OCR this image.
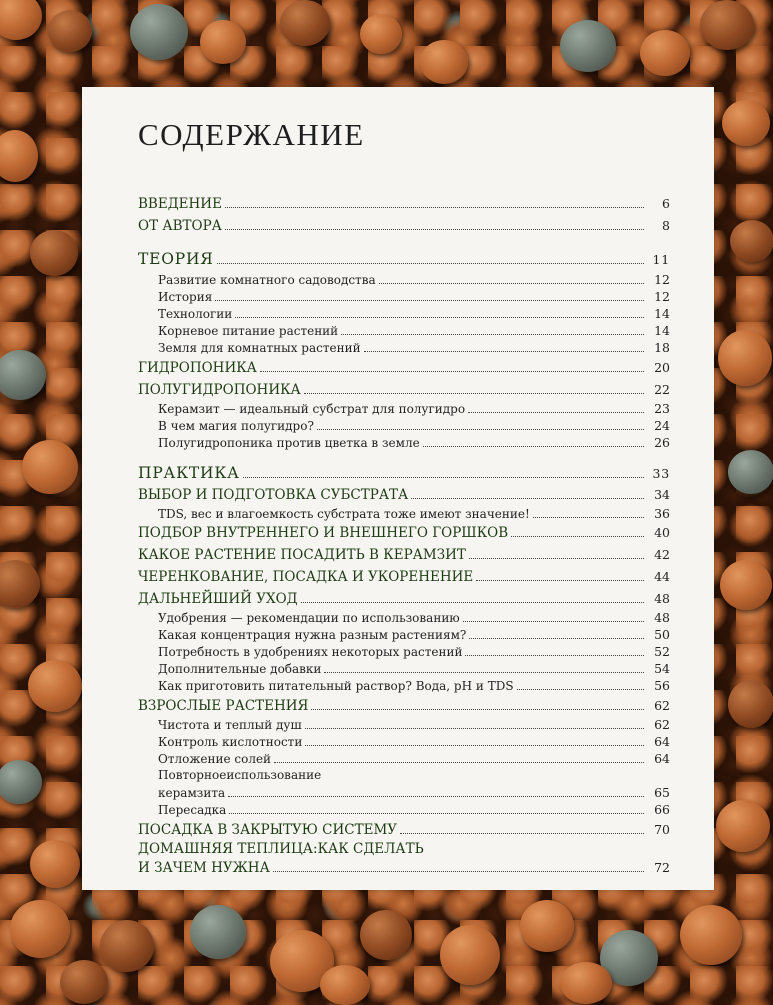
СОДЕРЖАНИЕ
ВВЕДЕНИЕ	6
ОТ АВТОРА	8
ТЕОРИЯ	11
Развитие комнатного садоводства	12
История	12
Технологии	14
Корневое питание растений	14
Земля для комнатных растений	18
ГИДРОПОНИКА	20
ПОЛУГИДРОПОНИКА	22
Керамзит — идеальный субстрат для полугидро	23
В чем магия полугидро?	24
Полугидропоника против цветка в земле	26
ПРАКТИКА	33
ВЫБОР И ПОДГОТОВКА СУБСТРАТА	34
TDS, вес и влагоемкость субстрата тоже имеют значение!	36
ПОДБОР ВНУТРЕННЕГО И ВНЕШНЕГО ГОРШКОВ	40
КАКОЕ РАСТЕНИЕ ПОСАДИТЬ В КЕРАМЗИТ	42
ЧЕРЕНКОВАНИЕ, ПОСАДКА И УКОРЕНЕНИЕ	44
ДАЛЬНЕЙШИЙ УХОД	48
Удобрения — рекомендации по использованию	48
Какая концентрация нужна разным растениям?	50
Потребность в удобрениях некоторых растений	52
Дополнительные добавки	54
Как приготовить питательный раствор? Вода, pH и TDS	56
ВЗРОСЛЫЕ РАСТЕНИЯ	62
Чистота и теплый душ	62
Контроль кислотности	64
Отложение солей	64
Повторноеиспользование
керамзита	65
Пересадка	66
ПОСАДКА В ЗАКРЫТУЮ СИСТЕМУ	70
ДОМАШНЯЯ ТЕПЛИЦА:КАК СДЕЛАТЬ
И ЗАЧЕМ НУЖНА	72
